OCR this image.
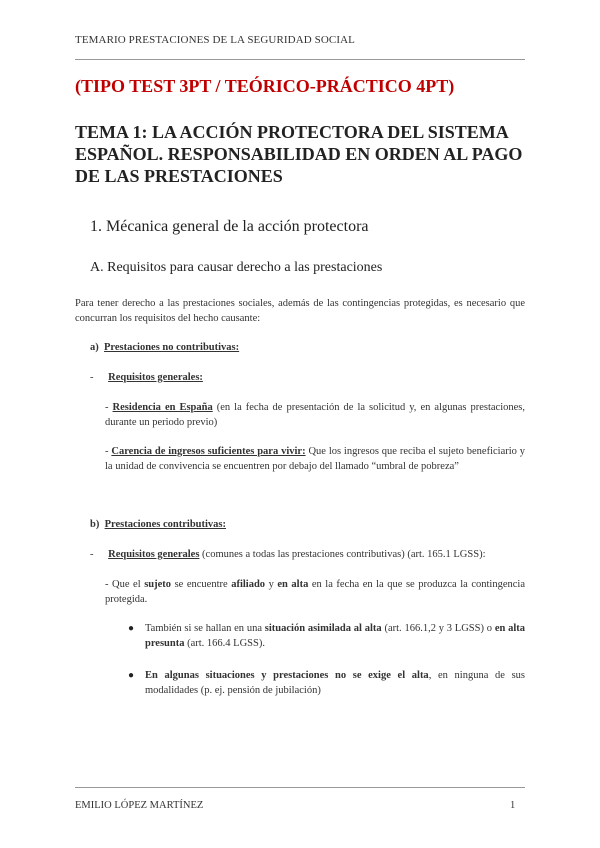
TEMARIO PRESTACIONES DE LA SEGURIDAD SOCIAL
(TIPO TEST 3PT / TEÓRICO-PRÁCTICO 4PT)
TEMA 1: LA ACCIÓN PROTECTORA DEL SISTEMA ESPAÑOL. RESPONSABILIDAD EN ORDEN AL PAGO DE LAS PRESTACIONES
1. Mécanica general de la acción protectora
A. Requisitos para causar derecho a las prestaciones
Para tener derecho a las prestaciones sociales, además de las contingencias protegidas, es necesario que concurran los requisitos del hecho causante:
a) Prestaciones no contributivas:
- Requisitos generales:
- Residencia en España (en la fecha de presentación de la solicitud y, en algunas prestaciones, durante un periodo previo)
- Carencia de ingresos suficientes para vivir: Que los ingresos que reciba el sujeto beneficiario y la unidad de convivencia se encuentren por debajo del llamado “umbral de pobreza”
b) Prestaciones contributivas:
- Requisitos generales (comunes a todas las prestaciones contributivas) (art. 165.1 LGSS):
- Que el sujeto se encuentre afiliado y en alta en la fecha en la que se produzca la contingencia protegida.
● También si se hallan en una situación asimilada al alta (art. 166.1,2 y 3 LGSS) o en alta presunta (art. 166.4 LGSS).
● En algunas situaciones y prestaciones no se exige el alta, en ninguna de sus modalidades (p. ej. pensión de jubilación)
EMILIO LÓPEZ MARTÍNEZ	1
